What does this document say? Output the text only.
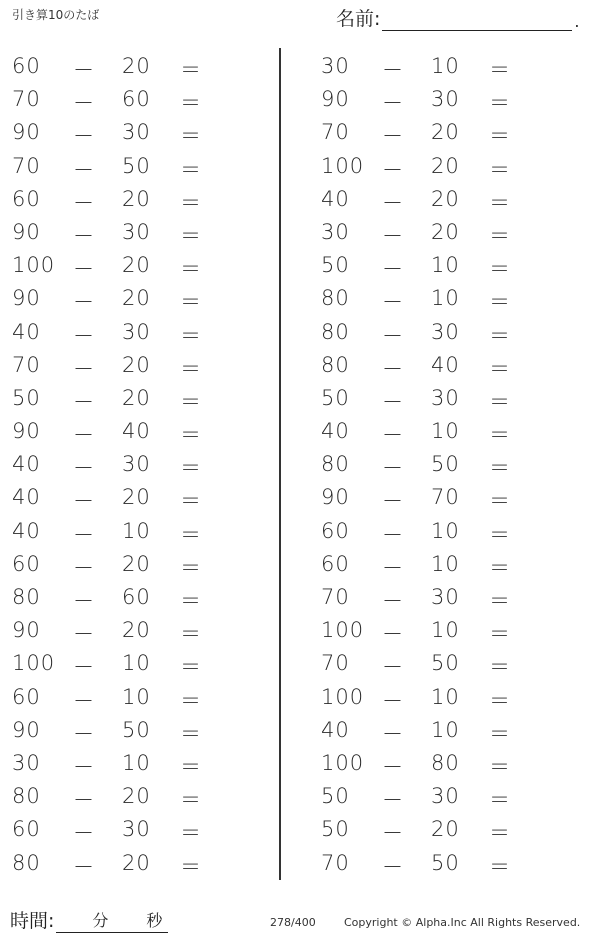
引き算10のたば	名前:	.
60	－ 20	＝
70	－ 60	＝
90	－ 30	＝
70	－ 50	＝
60	－ 20	＝
90	－ 30	＝
100 － 20	＝
90	－ 20	＝
40	－ 30	＝
70	－ 20	＝
50	－ 20	＝
90	－ 40	＝
40	－ 30	＝
40	－ 20	＝
40	－ 10	＝
60	－ 20	＝
80	－ 60	＝
90	－ 20	＝
100 － 10	＝
60	－ 10	＝
90	－ 50	＝
30	－ 10	＝
80	－ 20	＝
60	－ 30	＝
80	－ 20	＝
30	－ 10	＝
90	－ 30	＝
70	－ 20	＝
100 － 20	＝
40	－ 20	＝
30	－ 20	＝
50	－ 10	＝
80	－ 10	＝
80	－ 30	＝
80	－ 40	＝
50	－ 30	＝
40	－ 10	＝
80	－ 50	＝
90	－ 70	＝
60	－ 10	＝
60	－ 10	＝
70	－ 30	＝
100 － 10	＝
70	－ 50	＝
100 － 10	＝
40	－ 10	＝
100 － 80	＝
50	－ 30	＝
50	－ 20	＝
70	－ 50	＝
時間: 分 秒	278/400	Copyright © Alpha.Inc All Rights Reserved.
